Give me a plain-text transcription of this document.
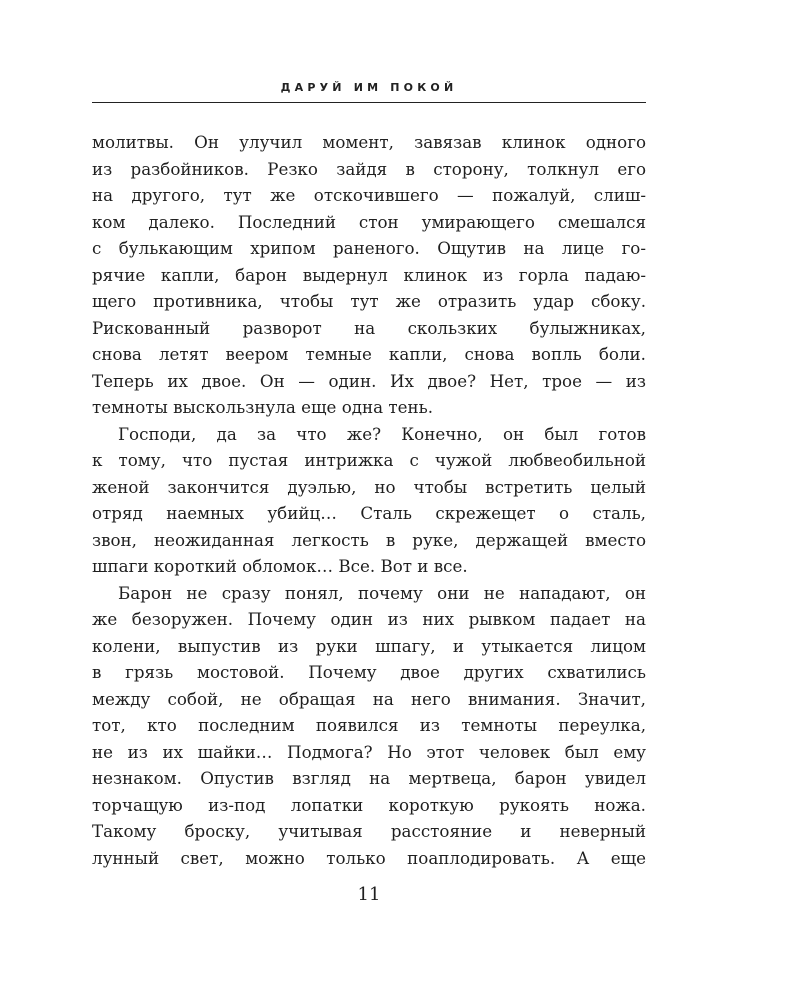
ДАРУЙ ИМ ПОКОЙ
молитвы. Он улучил момент, завязав клинок одного
из разбойников. Резко зайдя в сторону, толкнул его
на другого, тут же отскочившего — пожалуй, слиш-
ком далеко. Последний стон умирающего смешался
с булькающим хрипом раненого. Ощутив на лице го-
рячие капли, барон выдернул клинок из горла падаю-
щего противника, чтобы тут же отразить удар сбоку.
Рискованный разворот на скользких булыжниках,
снова летят веером темные капли, снова вопль боли.
Теперь их двое. Он — один. Их двое? Нет, трое — из
темноты выскользнула еще одна тень.
Господи, да за что же? Конечно, он был готов
к тому, что пустая интрижка с чужой любвеобильной
женой закончится дуэлью, но чтобы встретить целый
отряд наемных убийц… Сталь скрежещет о сталь,
звон, неожиданная легкость в руке, держащей вместо
шпаги короткий обломок… Все. Вот и все.
Барон не сразу понял, почему они не нападают, он
же безоружен. Почему один из них рывком падает на
колени, выпустив из руки шпагу, и утыкается лицом
в грязь мостовой. Почему двое других схватились
между собой, не обращая на него внимания. Значит,
тот, кто последним появился из темноты переулка,
не из их шайки… Подмога? Но этот человек был ему
незнаком. Опустив взгляд на мертвеца, барон увидел
торчащую из-под лопатки короткую рукоять ножа.
Такому броску, учитывая расстояние и неверный
лунный свет, можно только поаплодировать. А еще
11
